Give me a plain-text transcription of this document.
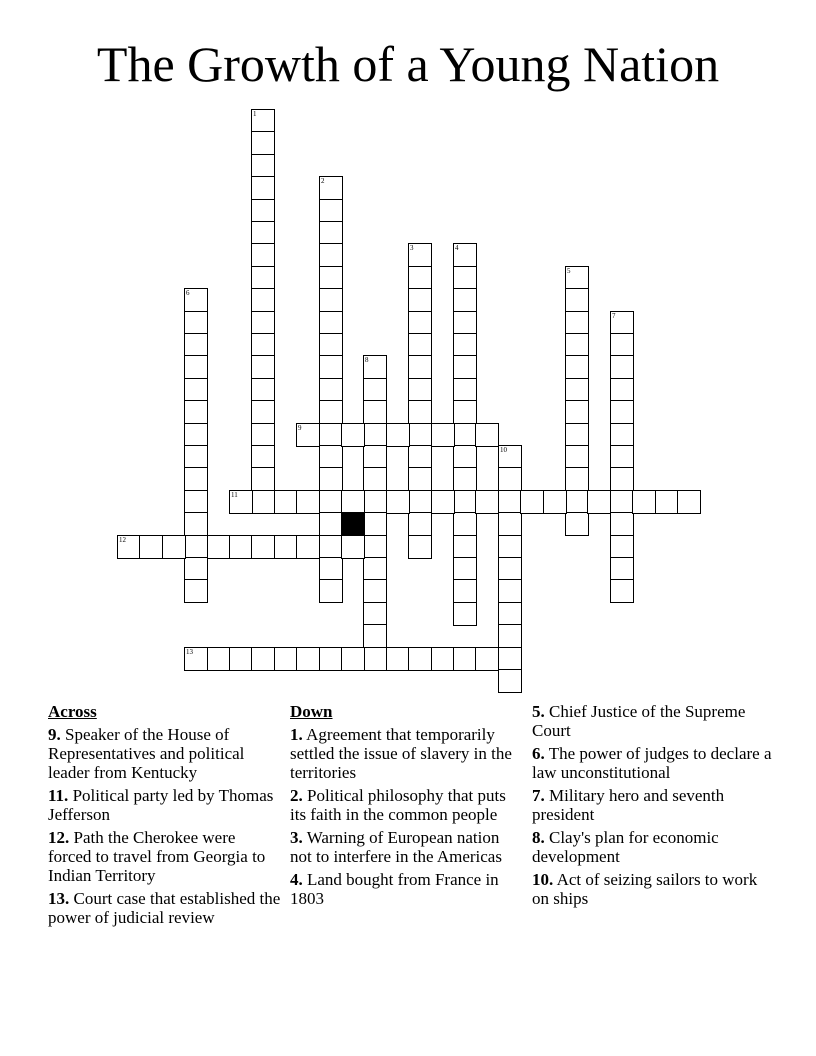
The Growth of a Young Nation
1
2
3	4
5
6
7
8
10
9
11
12
13
Across
9. Speaker of the House of Representatives and political leader from Kentucky
11. Political party led by Thomas Jefferson
12. Path the Cherokee were forced to travel from Georgia to Indian Territory
13. Court case that established the power of judicial review
Down
1. Agreement that temporarily settled the issue of slavery in the territories
2. Political philosophy that puts its faith in the common people
3. Warning of European nation not to interfere in the Americas
4. Land bought from France in 1803
5. Chief Justice of the Supreme Court
6. The power of judges to declare a law unconstitutional
7. Military hero and seventh president
8. Clay's plan for economic development
10. Act of seizing sailors to work on ships
